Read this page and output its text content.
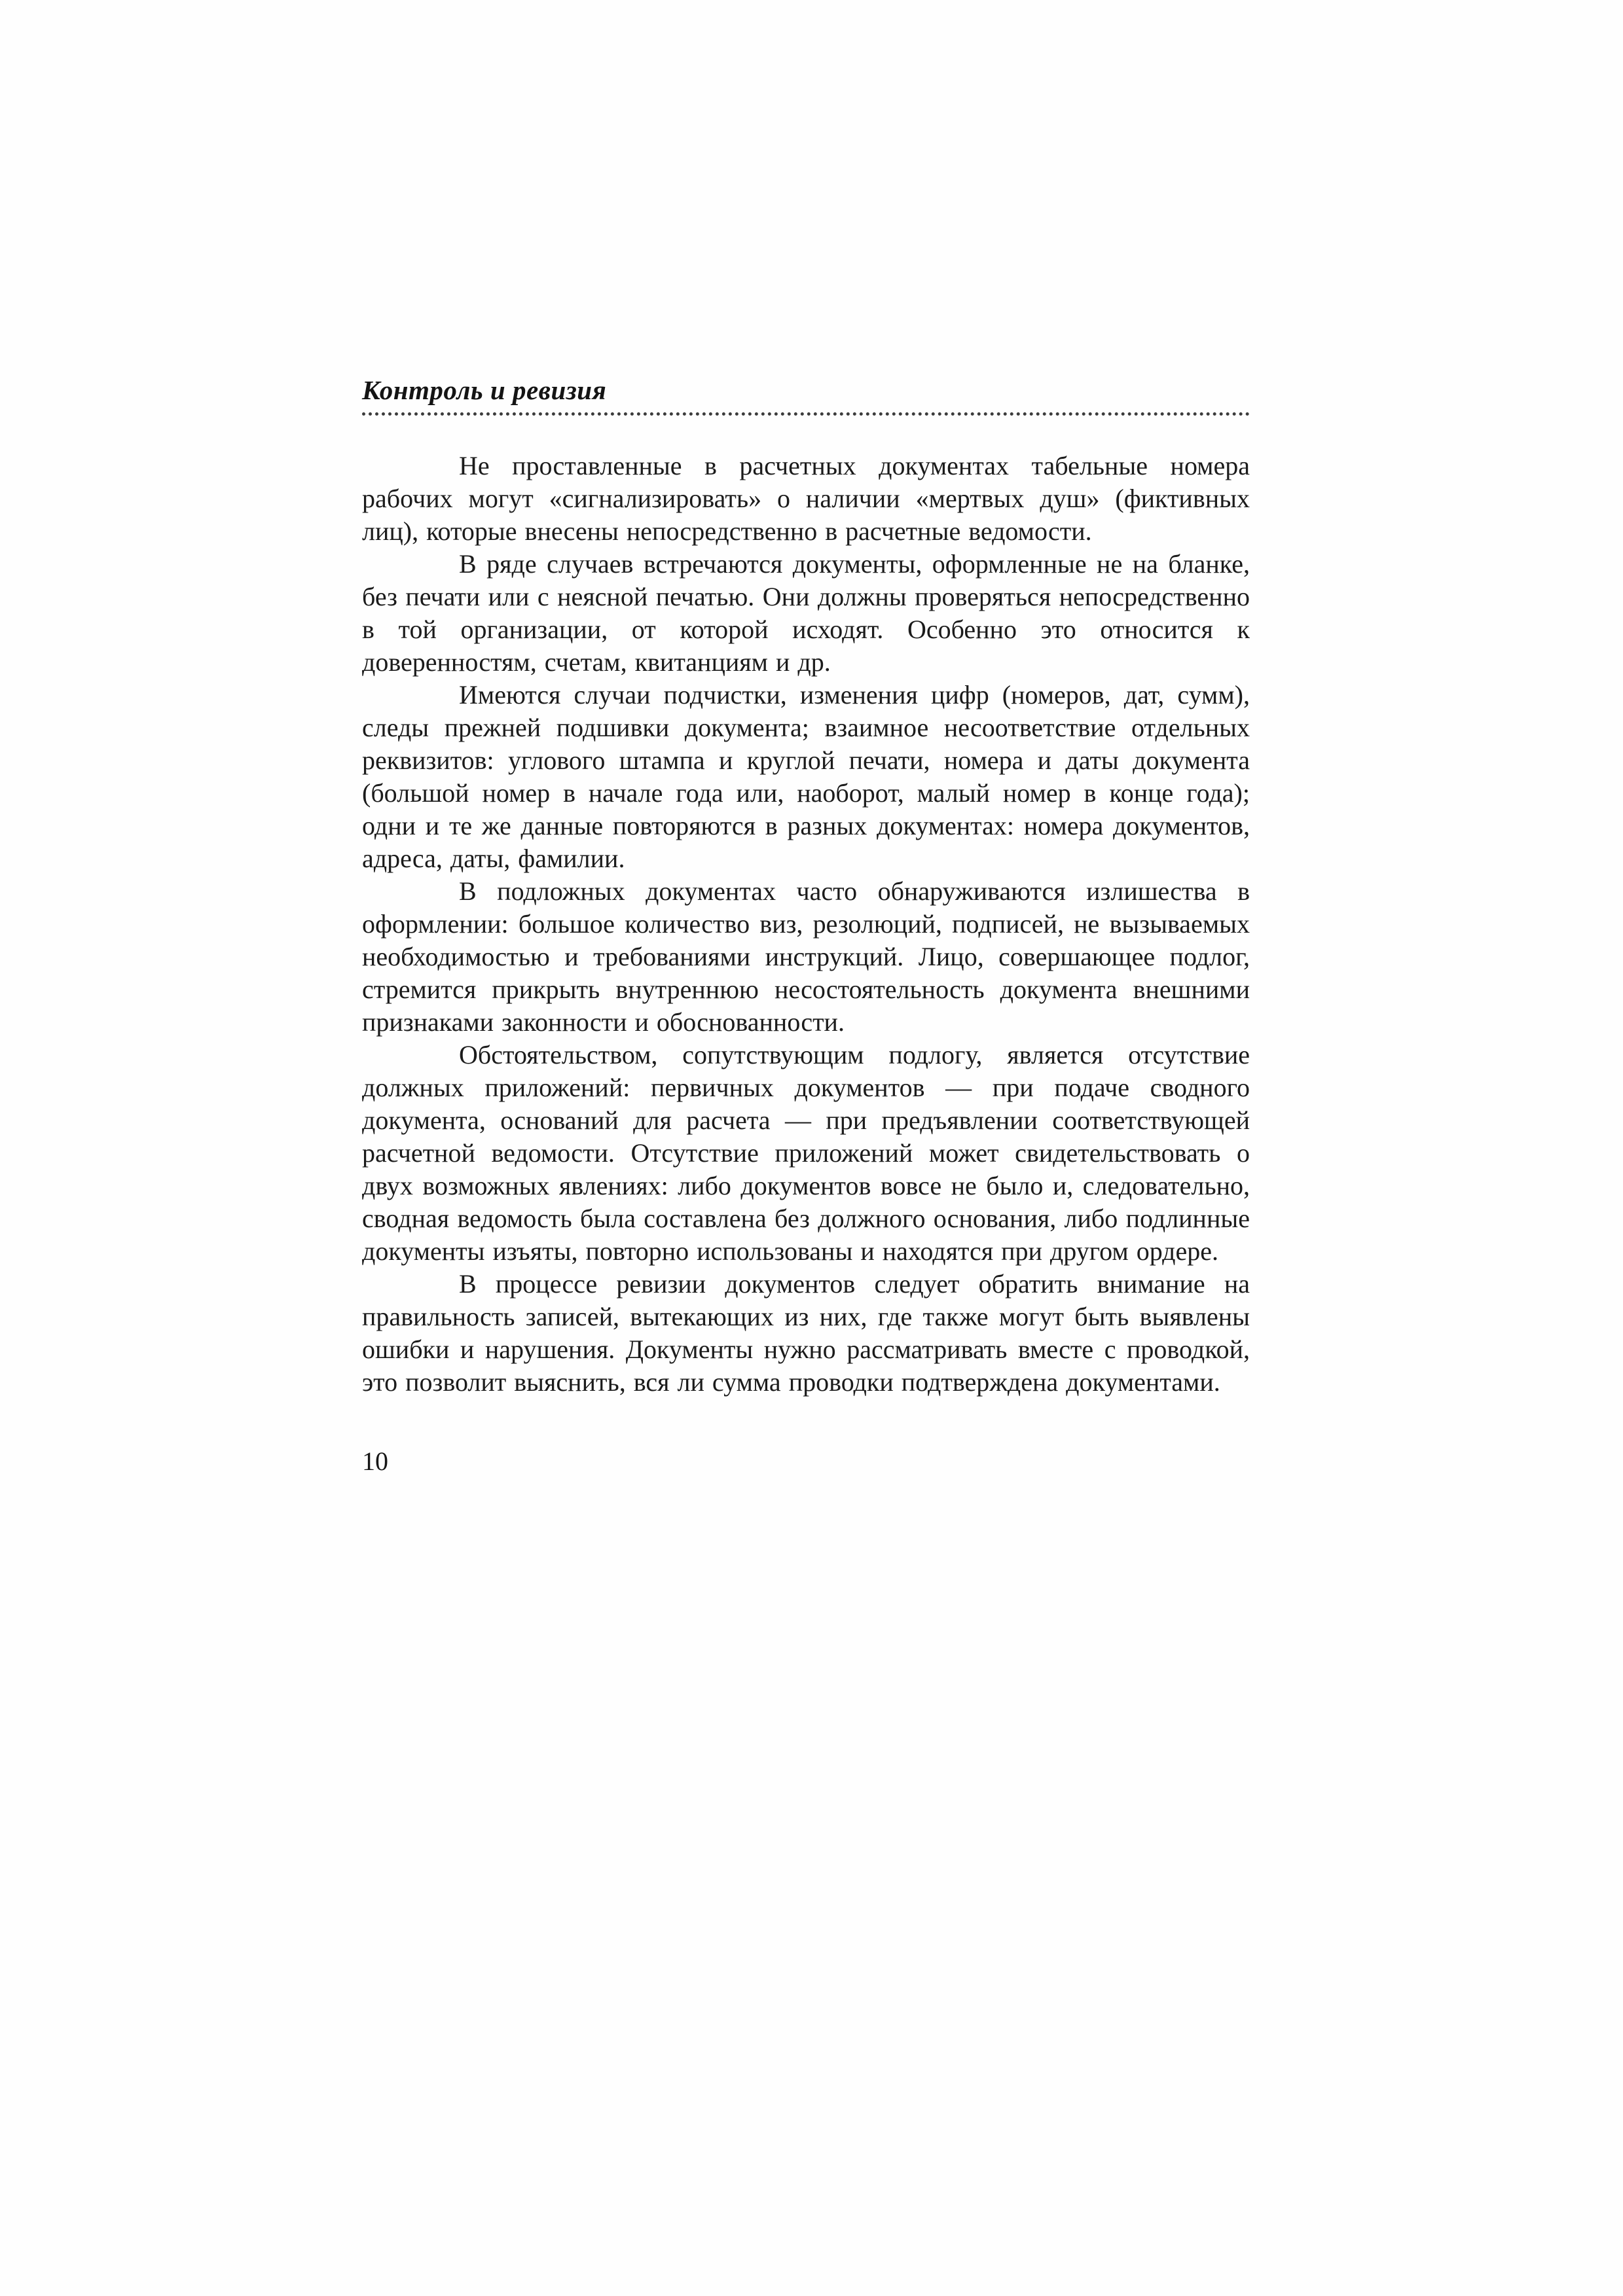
Контроль и ревизия

Не проставленные в расчетных документах табельные номера рабочих могут «сигнализировать» о наличии «мертвых душ» (фиктивных лиц), которые внесены непосредственно в расчетные ведомости.

В ряде случаев встречаются документы, оформленные не на бланке, без печати или с неясной печатью. Они должны проверяться непосредственно в той организации, от которой исходят. Особенно это относится к доверенностям, счетам, квитанциям и др.

Имеются случаи подчистки, изменения цифр (номеров, дат, сумм), следы прежней подшивки документа; взаимное несоответствие отдельных реквизитов: углового штампа и круглой печати, номера и даты документа (большой номер в начале года или, наоборот, малый номер в конце года); одни и те же данные повторяются в разных документах: номера документов, адреса, даты, фамилии.

В подложных документах часто обнаруживаются излишества в оформлении: большое количество виз, резолюций, подписей, не вызываемых необходимостью и требованиями инструкций. Лицо, совершающее подлог, стремится прикрыть внутреннюю несостоятельность документа внешними признаками законности и обоснованности.

Обстоятельством, сопутствующим подлогу, является отсутствие должных приложений: первичных документов — при подаче сводного документа, оснований для расчета — при предъявлении соответствующей расчетной ведомости. Отсутствие приложений может свидетельствовать о двух возможных явлениях: либо документов вовсе не было и, следовательно, сводная ведомость была составлена без должного основания, либо подлинные документы изъяты, повторно использованы и находятся при другом ордере.

В процессе ревизии документов следует обратить внимание на правильность записей, вытекающих из них, где также могут быть выявлены ошибки и нарушения. Документы нужно рассматривать вместе с проводкой, это позволит выяснить, вся ли сумма проводки подтверждена документами.

10
